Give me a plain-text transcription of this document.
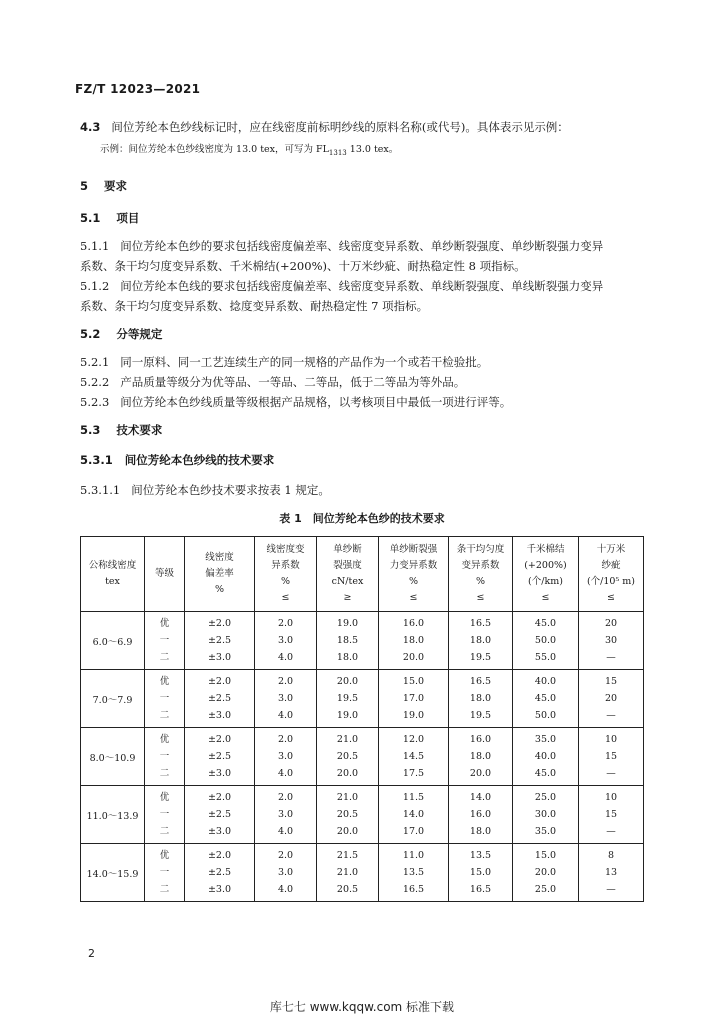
FZ/T 12023—2021
4.3 间位芳纶本色纱线标记时，应在线密度前标明纱线的原料名称(或代号)。具体表示见示例：
示例：间位芳纶本色纱线密度为 13.0 tex，可写为 $FL_{1313}$ 13.0 tex。
5 要求
5.1 项目
5.1.1 间位芳纶本色纱的要求包括线密度偏差率、线密度变异系数、单纱断裂强度、单纱断裂强力变异
系数、条干均匀度变异系数、千米棉结(+200%)、十万米纱疵、耐热稳定性 8 项指标。
5.1.2 间位芳纶本色线的要求包括线密度偏差率、线密度变异系数、单线断裂强度、单线断裂强力变异
系数、条干均匀度变异系数、捻度变异系数、耐热稳定性 7 项指标。
5.2 分等规定
5.2.1 同一原料、同一工艺连续生产的同一规格的产品作为一个或若干检验批。
5.2.2 产品质量等级分为优等品、一等品、二等品，低于二等品为等外品。
5.2.3 间位芳纶本色纱线质量等级根据产品规格，以考核项目中最低一项进行评等。
5.3 技术要求
5.3.1 间位芳纶本色纱线的技术要求
5.3.1.1 间位芳纶本色纱技术要求按表 1 规定。
表 1　间位芳纶本色纱的技术要求
公称线密度
tex	等级	线密度
偏差率
%	线密度变
异系数
%
≤	单纱断
裂强度
cN/tex
≥	单纱断裂强
力变异系数
%
≤	条干均匀度
变异系数
%
≤	千米棉结
(+200%)
(个/km)
≤	十万米
纱疵
(个/10⁵ m)
≤

6.0～6.9	优	±2.0	2.0	19.0	16.0	16.5	45.0	20
	一	±2.5	3.0	18.5	18.0	18.0	50.0	30
	二	±3.0	4.0	18.0	20.0	19.5	55.0	—
7.0～7.9	优	±2.0	2.0	20.0	15.0	16.5	40.0	15
	一	±2.5	3.0	19.5	17.0	18.0	45.0	20
	二	±3.0	4.0	19.0	19.0	19.5	50.0	—
8.0～10.9	优	±2.0	2.0	21.0	12.0	16.0	35.0	10
	一	±2.5	3.0	20.5	14.5	18.0	40.0	15
	二	±3.0	4.0	20.0	17.5	20.0	45.0	—
11.0～13.9	优	±2.0	2.0	21.0	11.5	14.0	25.0	10
	一	±2.5	3.0	20.5	14.0	16.0	30.0	15
	二	±3.0	4.0	20.0	17.0	18.0	35.0	—
14.0～15.9	优	±2.0	2.0	21.5	11.0	13.5	15.0	8
	一	±2.5	3.0	21.0	13.5	15.0	20.0	13
	二	±3.0	4.0	20.5	16.5	16.5	25.0	—
2
库七七 www.kqqw.com 标准下载
